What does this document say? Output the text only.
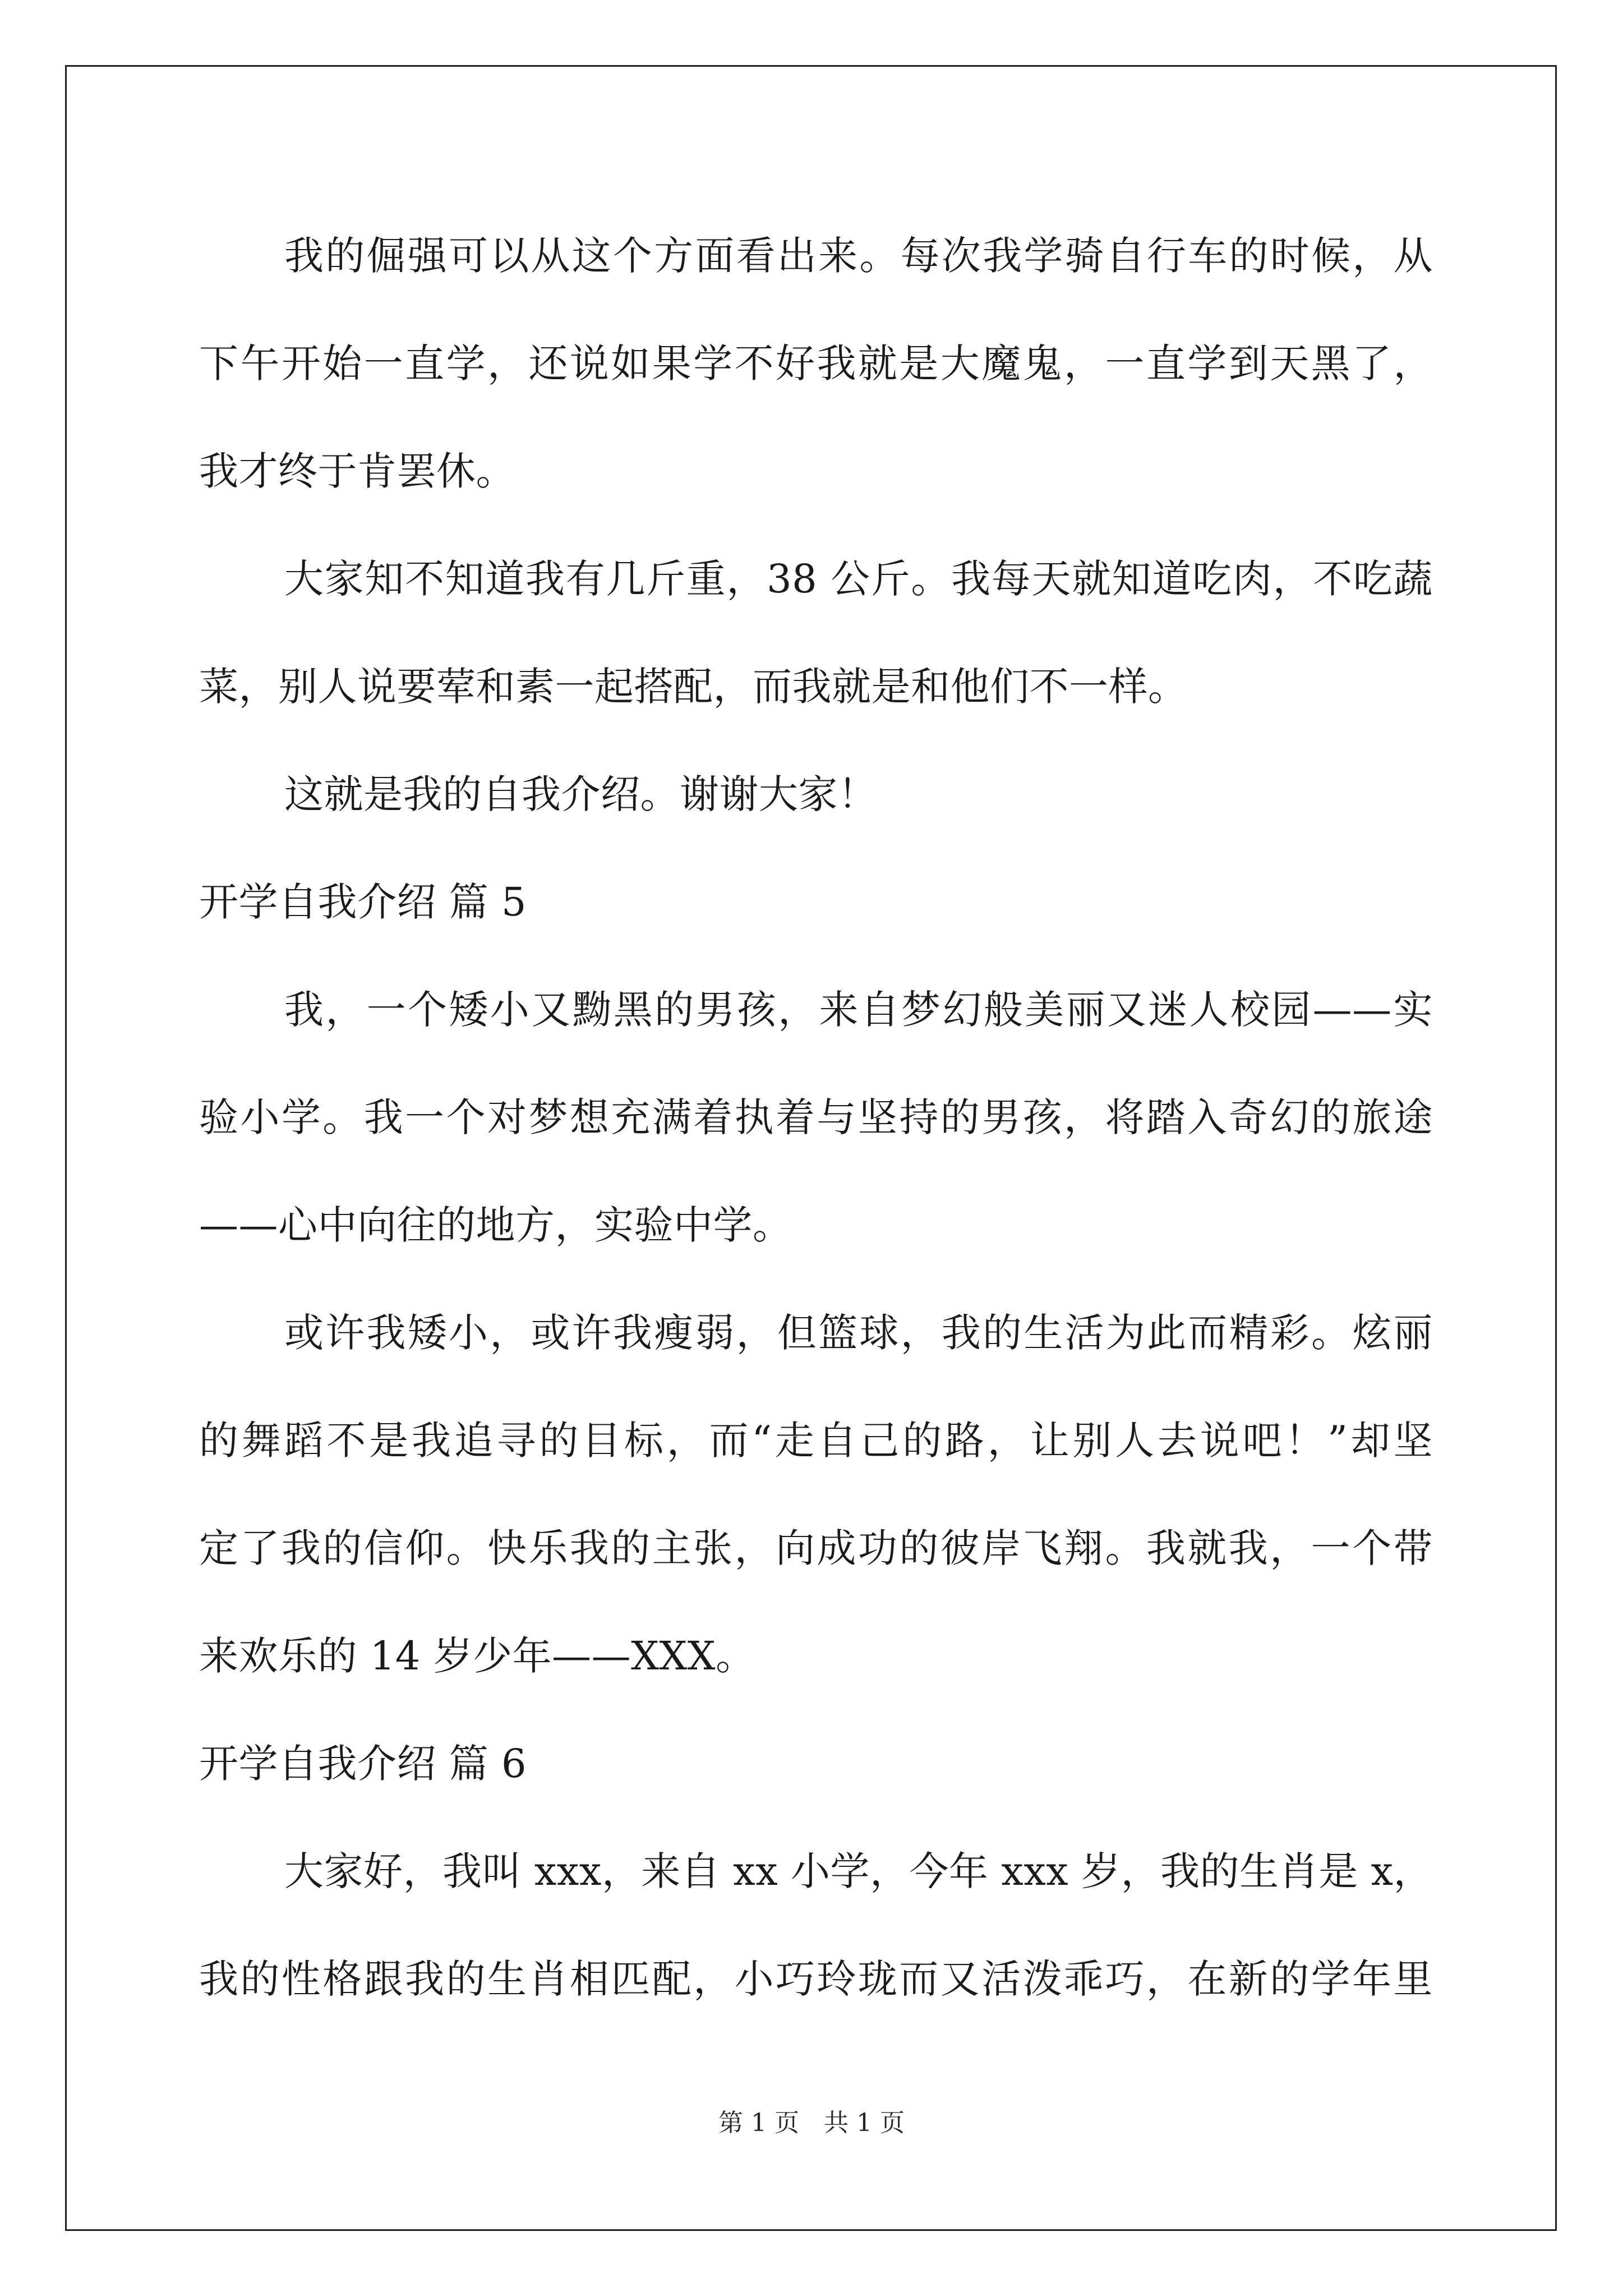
我的倔强可以从这个方面看出来。每次我学骑自行车的时候，从
下午开始一直学，还说如果学不好我就是大魔鬼，一直学到天黑了，
我才终于肯罢休。
大家知不知道我有几斤重，38 公斤。我每天就知道吃肉，不吃蔬
菜，别人说要荤和素一起搭配，而我就是和他们不一样。
这就是我的自我介绍。谢谢大家！
开学自我介绍 篇 5
我，一个矮小又黝黑的男孩，来自梦幻般美丽又迷人校园——实
验小学。我一个对梦想充满着执着与坚持的男孩，将踏入奇幻的旅途
——心中向往的地方，实验中学。
或许我矮小，或许我瘦弱，但篮球，我的生活为此而精彩。炫丽
的舞蹈不是我追寻的目标，而“走自己的路，让别人去说吧！”却坚
定了我的信仰。快乐我的主张，向成功的彼岸飞翔。我就我，一个带
来欢乐的 14 岁少年——XXX。
开学自我介绍 篇 6
大家好，我叫 xxx，来自 xx 小学，今年 xxx 岁，我的生肖是 x，
我的性格跟我的生肖相匹配，小巧玲珑而又活泼乖巧，在新的学年里
第 1 页　共 1 页
